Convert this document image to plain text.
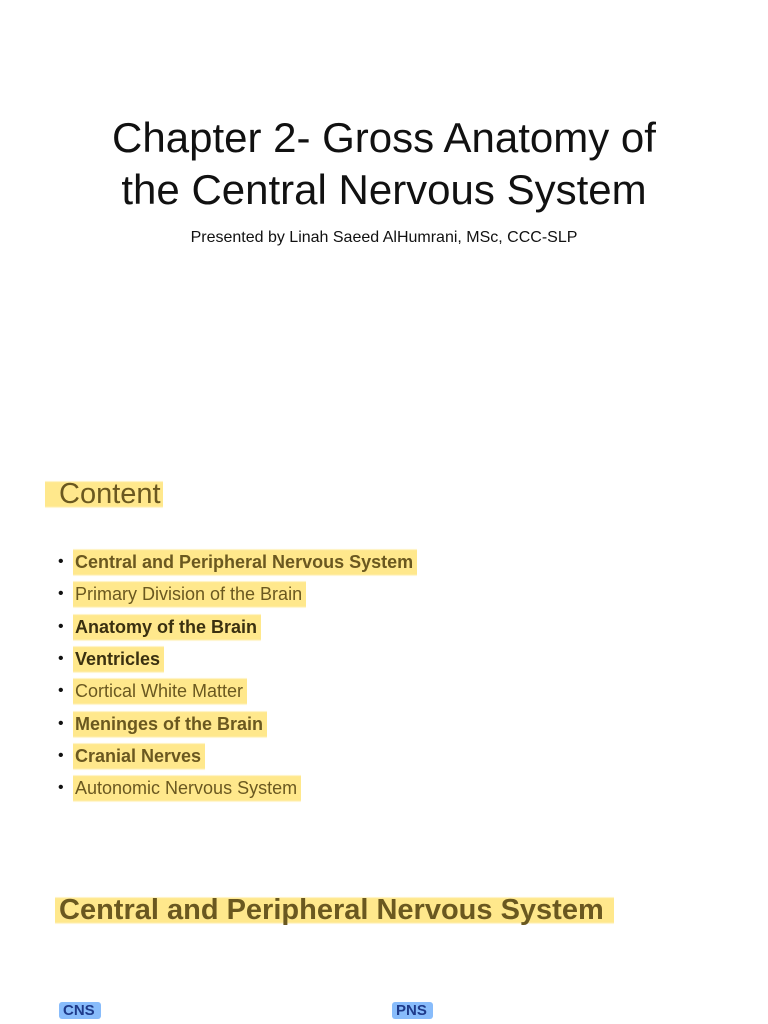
Chapter 2- Gross Anatomy of
the Central Nervous System
Presented by Linah Saeed AlHumrani, MSc, CCC-SLP
Content
• Central and Peripheral Nervous System
• Primary Division of the Brain
• Anatomy of the Brain
• Ventricles
• Cortical White Matter
• Meninges of the Brain
• Cranial Nerves
• Autonomic Nervous System
Central and Peripheral Nervous System
CNS	PNS
